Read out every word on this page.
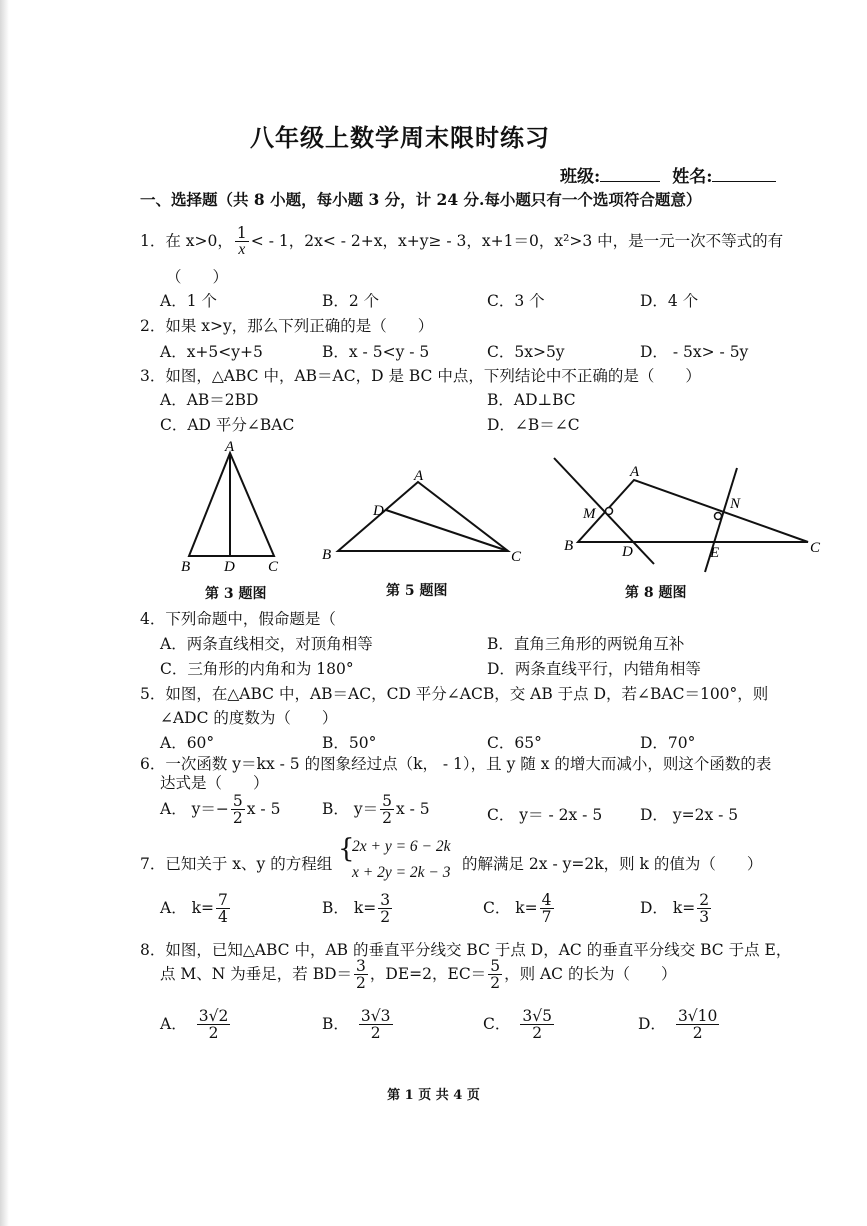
八年级上数学周末限时练习
班级:	姓名:
一、选择题（共 8 小题，每小题 3 分，计 24 分.每小题只有一个选项符合题意）
1．在 x>0， $\frac{1}{x}$ < - 1，2x< - 2+x，x+y≥ - 3，x+1＝0，x²>3 中，是一元一次不等式的有
（　　）
A．1 个	B．2 个	C．3 个	D．4 个
2．如果 x>y，那么下列正确的是（　　）
A．x+5<y+5	B．x - 5<y - 5	C．5x>5y	D． - 5x> - 5y
3．如图，△ABC 中，AB＝AC，D 是 BC 中点，下列结论中不正确的是（　　）
A．AB＝2BD	B．AD⊥BC
C．AD 平分∠BAC	D．∠B＝∠C
A
B D C
第 3 题图
A
D
B	C
第 5 题图
A
M
N
B	D	E	C
第 8 题图
4．下列命题中，假命题是（
A．两条直线相交，对顶角相等	B．直角三角形的两锐角互补
C．三角形的内角和为 180°	D．两条直线平行，内错角相等
5．如图，在△ABC 中，AB＝AC，CD 平分∠ACB，交 AB 于点 D，若∠BAC＝100°，则
∠ADC 的度数为（　　）
A．60°	B．50°	C．65°	D．70°
6．一次函数 y＝kx - 5 的图象经过点（k， - 1），且 y 随 x 的增大而减小，则这个函数的表
达式是（　　）
A． $y=- \frac{5}{2}$ x - 5	B． $y= \frac{5}{2}$ x - 5	C． y＝ - 2x - 5 D． y=2x - 5
7．已知关于 x、y 的方程组 {
2x + y = 6 − 2k
x + 2y = 2k − 3 的解满足 2x - y=2k，则 k 的值为（　　）
A． $k= \frac{7}{4}$	B． $k= \frac{3}{2}$	C． $k= \frac{4}{7}$	D． $k= \frac{2}{3}$
8．如图，已知△ABC 中，AB 的垂直平分线交 BC 于点 D，AC 的垂直平分线交 BC 于点 E，
点 M、N 为垂足，若 $BD= \frac{3}{2}$ ，DE=2，$EC= \frac{5}{2}$ ，则 AC 的长为（　　）
A． $\frac{3√2}{2}$	B． $\frac{3√3}{2}$	C． $\frac{3√5}{2}$	D． $\frac{3√10}{2}$
第 1 页 共 4 页
